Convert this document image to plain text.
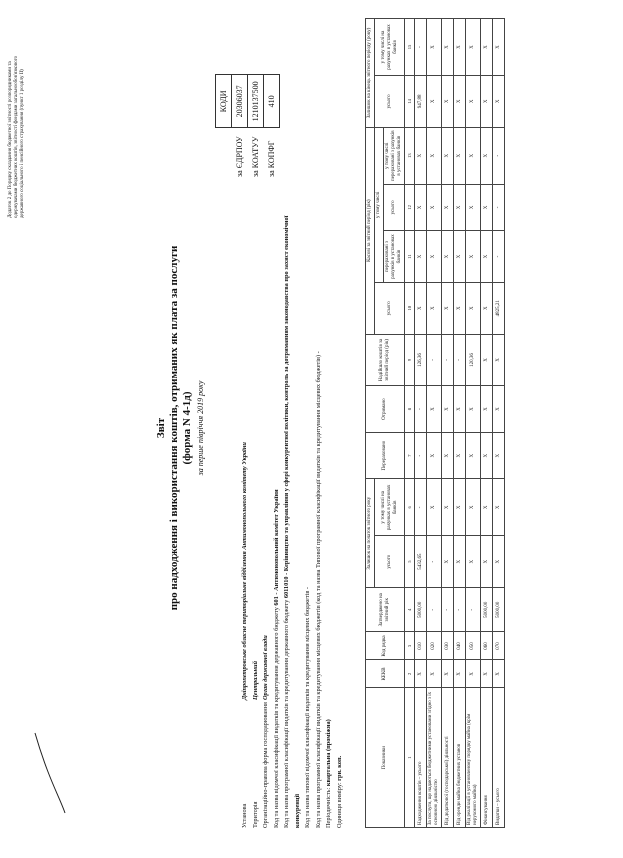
Додаток 2 до Порядку складання бюджетної звітності розпорядниками та одержувачами бюджетних коштів, звітності фондами загальнообов'язкового державного соціального і пенсійного страхування (пункт 1 розділу II)
Звіт про надходження і використання коштів, отриманих як плата за послуги (форма N 4-1д) за перше півріччя 2019 року
	КОДИ
за ЄДРПОУ	20306037
за КОАТУУ	1210137500
за КОПФГ	410
УстановаДніпропетровське обласне територіальне відділення Антимонопольного комітету України
ТериторіяЦентральний
Організаційно-правова форма господарюванняОрган державної влади Код та назва відомчої класифікації видатків та кредитування державного бюджету 601 - Антимонопольний комітет України
Код та назва програмної класифікації видатків та кредитування державного бюджету 6011010 - Керівництво та управління у сфері конкурентної політики, контроль за дотриманням законодавства про захист економічної конкуренції Код та назва типової відомчої класифікації видатків та кредитування місцевих бюджетів - Код та назва програмної класифікації видатків та кредитування місцевих бюджетів (код та назва Типової програмної класифікації видатків та кредитування місцевих бюджетів) -
Періодичність: квартальна (проміжна)
Одиниця виміру: грн. коп.	Показники	КЕКВ	Код рядка	Затверджено на звітний рік	Залишок на початок звітного року		Перераховано	Отримано	Надійшло коштів за звітний період (рік)	Касові за звітний період (рік)				Залишок на кінець звітного періоду (року)	
				усього	у тому числі на рахунках в установах банків				усього	у тому числі			усього	у тому числі на рахунках в установах банків
										перераховані з рахунків в установах банків	усього	у тому числі перераховані з рахунків в установах банків		
1	2	3	4	5	6	7	8	9	10	11	12	13	14	15
Надходження коштів – усього	X	010	5000,00	5432,65	-	-	-	126,36	X	X	X	X	947,88	-
За послуги, що надаються бюджетними установами згідно з їх основною діяльністю	X	020	-	-	X	X	X	-	X	X	X	X	X	X
Від додаткової (господарської) діяльності	X	030	-	X	X	X	X	-	X	X	X	X	X	X
Від оренди майна бюджетних установ	X	040	-	X	X	X	X	-	X	X	X	X	X	X
Від реалізації в установленому порядку майна (крім нерухомого майна)	X	050	-	X	X	X	X	120,36	X	X	X	X	X	X
Фінансування	X	060	5000,00	X	X	X	X	X	X	X	X	X	X	X
Видатки – усього	X	070	5000,00	X	X	X	X	X	4825,21	-	-	-	X	X
